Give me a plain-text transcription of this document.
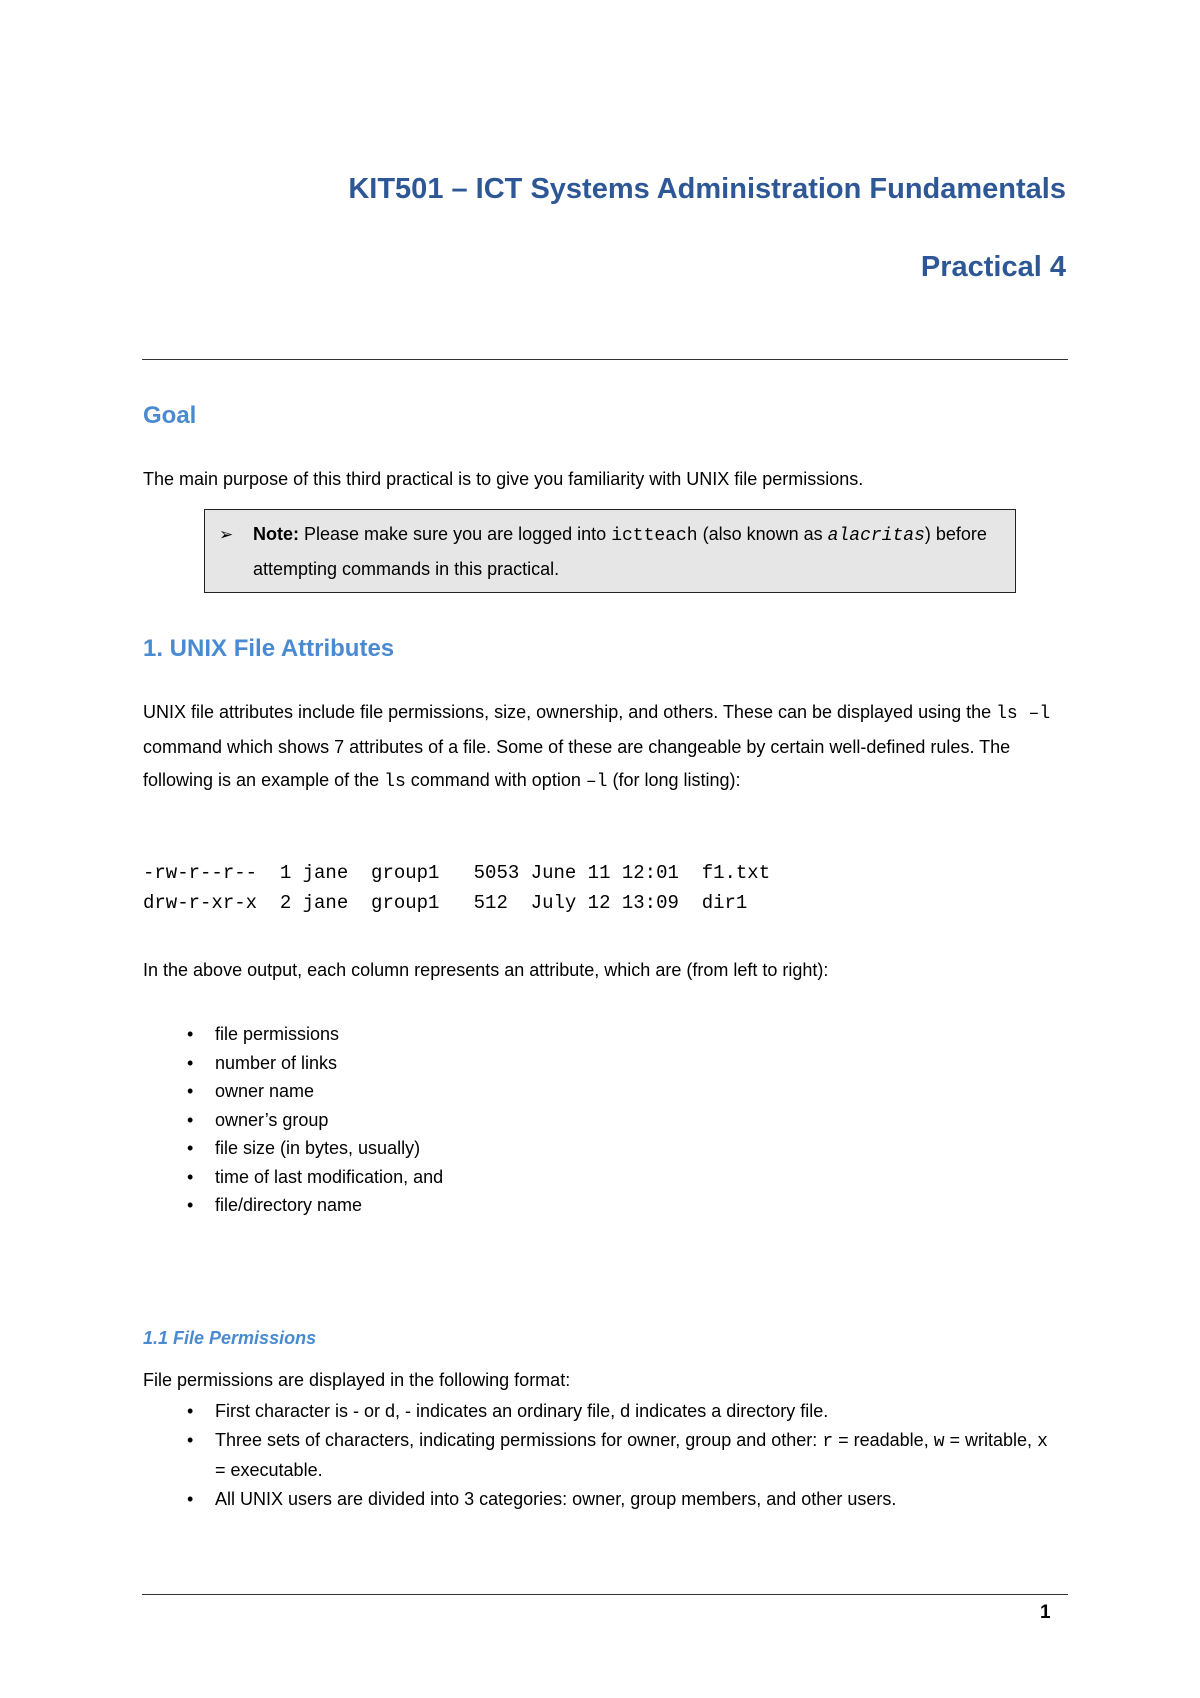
KIT501 – ICT Systems Administration Fundamentals
Practical 4
Goal

The main purpose of this third practical is to give you familiarity with UNIX file permissions.

➢ Note: Please make sure you are logged into ictteach (also known as alacritas) before attempting commands in this practical.
1. UNIX File Attributes

UNIX file attributes include file permissions, size, ownership, and others. These can be displayed using the ls –l command which shows 7 attributes of a file. Some of these are changeable by certain well-defined rules. The following is an example of the ls command with option –l (for long listing):

-rw-r--r--  1 jane  group1   5053 June 11 12:01  f1.txt
drw-r-xr-x  2 jane  group1   512  July 12 13:09  dir1

In the above output, each column represents an attribute, which are (from left to right):

• file permissions
• number of links
• owner name
• owner’s group
• file size (in bytes, usually)
• time of last modification, and
• file/directory name
1.1 File Permissions

File permissions are displayed in the following format:

• First character is - or d, - indicates an ordinary file, d indicates a directory file.
• Three sets of characters, indicating permissions for owner, group and other: r = readable, w = writable, x = executable.
• All UNIX users are divided into 3 categories: owner, group members, and other users.
1
